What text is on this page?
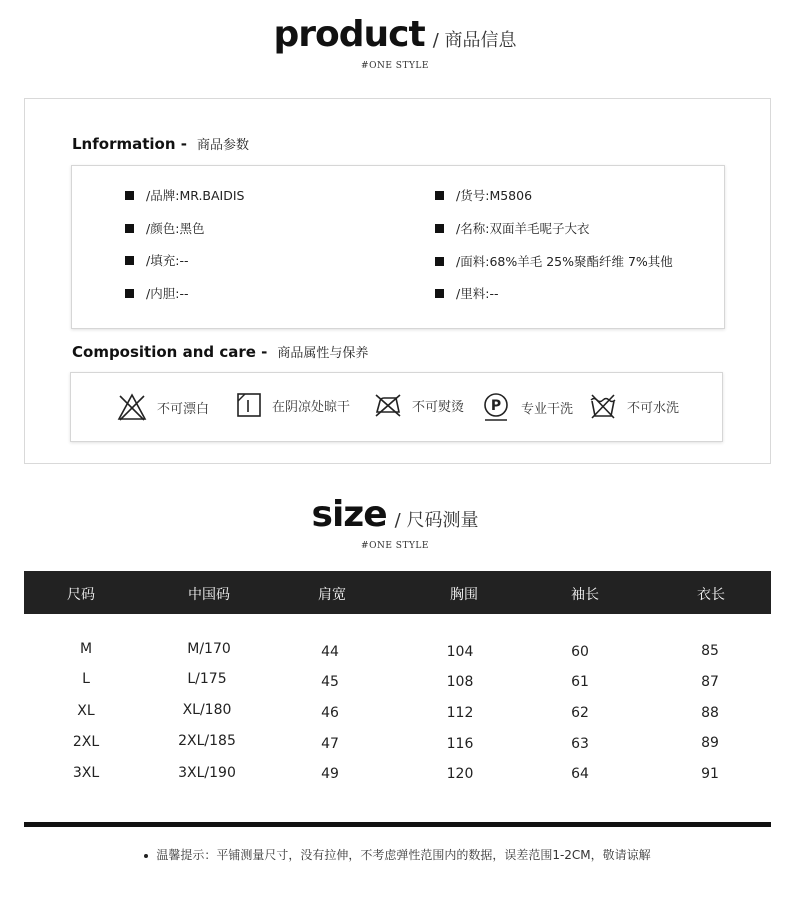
product / 商品信息
#ONE STYLE
Lnformation - 商品参数
/品牌: MR.BAIDIS	/货号: M5806
/颜色: 黑色	/名称: 双面羊毛呢子大衣
/填充: --	/面料: 68%羊毛 25%聚酯纤维 7%其他
/内胆: --	/里料: --
Composition and care - 商品属性与保养
不可漂白	在阴凉处晾干	不可熨烫 P 专业干洗	不可水洗
size / 尺码测量
#ONE STYLE
尺码	中国码	肩宽	胸围	袖长	衣长
M	M/170	44	104	60	85
L	L/175	45	108	61	87
XL	XL/180	46	112	62	88
2XL	2XL/185	47	116	63	89
3XL	3XL/190	49	120	64	91
温馨提示：平铺测量尺寸，没有拉伸，不考虑弹性范围内的数据，误差范围1-2CM，敬请谅解
